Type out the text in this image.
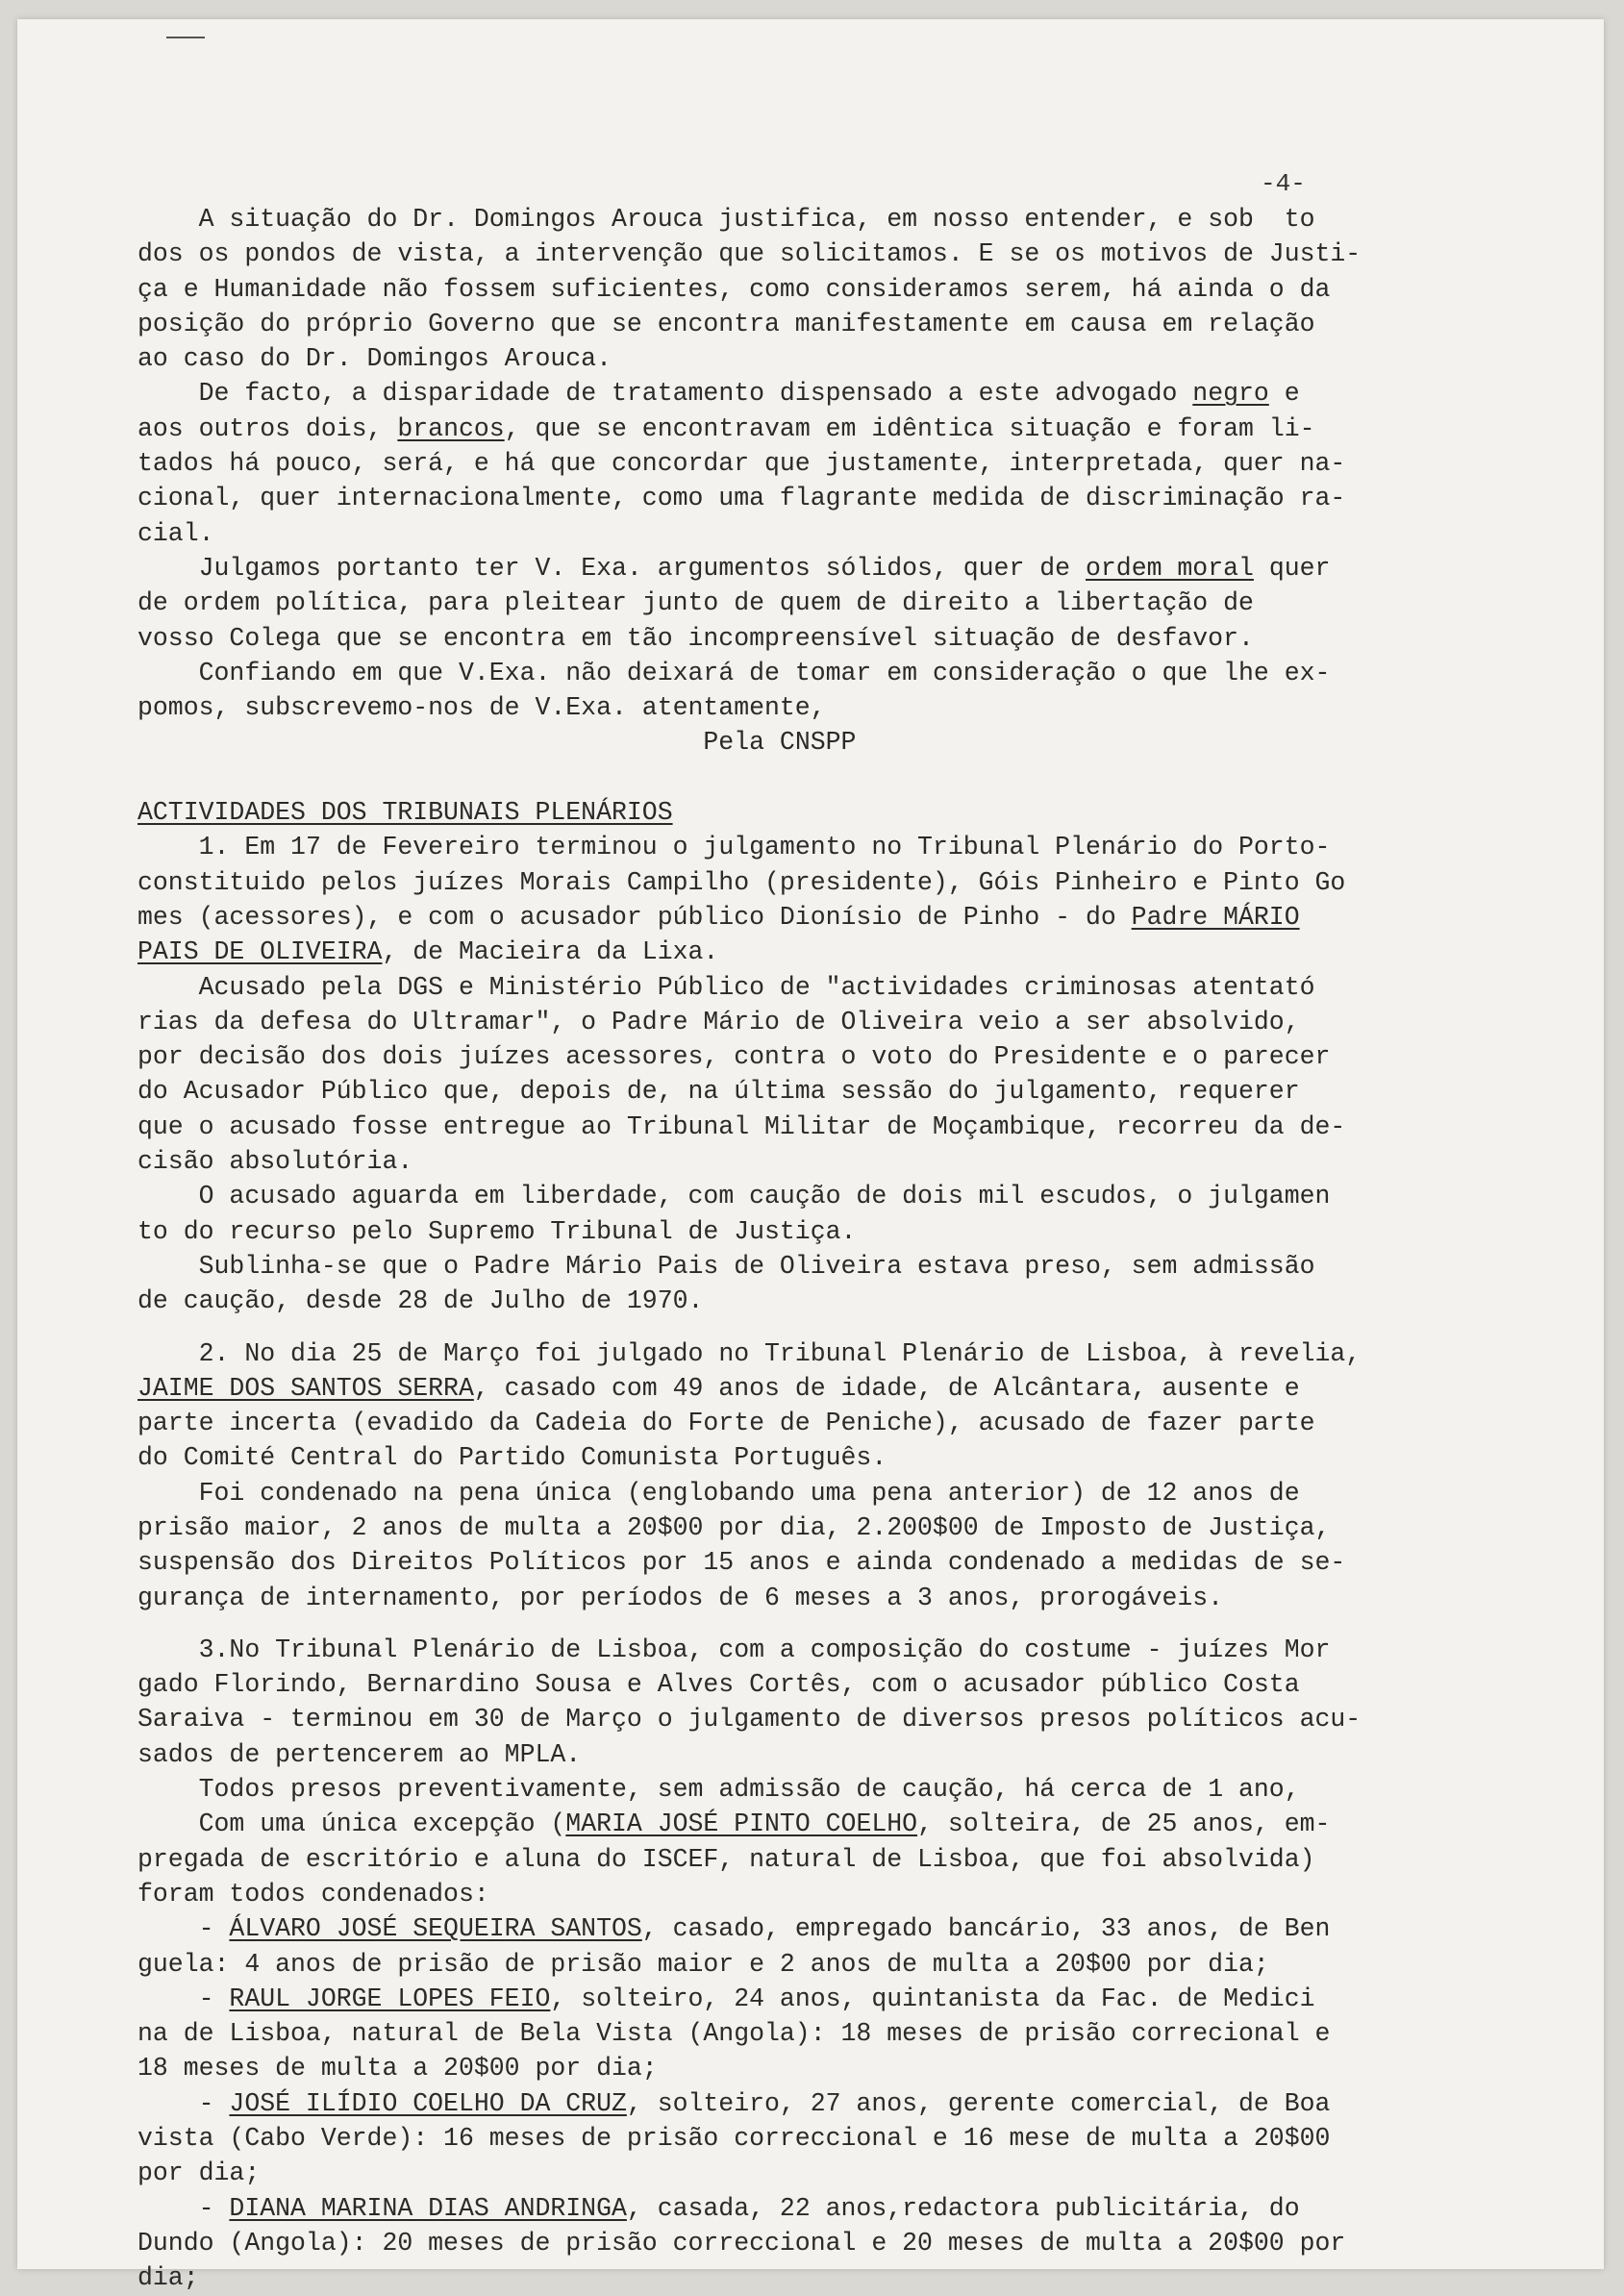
-4-

A situação do Dr. Domingos Arouca justifica, em nosso entender, e sob  to

dos os pondos de vista, a intervenção que solicitamos. E se os motivos de Justi-

ça e Humanidade não fossem suficientes, como consideramos serem, há ainda o da

posição do próprio Governo que se encontra manifestamente em causa em relação

ao caso do Dr. Domingos Arouca.

De facto, a disparidade de tratamento dispensado a este advogado negro e

aos outros dois, brancos, que se encontravam em idêntica situação e foram li-

tados há pouco, será, e há que concordar que justamente, interpretada, quer na-

cional, quer internacionalmente, como uma flagrante medida de discriminação ra-

cial.

Julgamos portanto ter V. Exa. argumentos sólidos, quer de ordem moral quer

de ordem política, para pleitear junto de quem de direito a libertação de

vosso Colega que se encontra em tão incompreensível situação de desfavor.

Confiando em que V.Exa. não deixará de tomar em consideração o que lhe ex-

pomos, subscrevemo-nos de V.Exa. atentamente,

Pela CNSPP

ACTIVIDADES DOS TRIBUNAIS PLENÁRIOS

1. Em 17 de Fevereiro terminou o julgamento no Tribunal Plenário do Porto-

constituido pelos juízes Morais Campilho (presidente), Góis Pinheiro e Pinto Go

mes (acessores), e com o acusador público Dionísio de Pinho - do Padre MÁRIO

PAIS DE OLIVEIRA, de Macieira da Lixa.

Acusado pela DGS e Ministério Público de "actividades criminosas atentató

rias da defesa do Ultramar", o Padre Mário de Oliveira veio a ser absolvido,

por decisão dos dois juízes acessores, contra o voto do Presidente e o parecer

do Acusador Público que, depois de, na última sessão do julgamento, requerer

que o acusado fosse entregue ao Tribunal Militar de Moçambique, recorreu da de-

cisão absolutória.

O acusado aguarda em liberdade, com caução de dois mil escudos, o julgamen

to do recurso pelo Supremo Tribunal de Justiça.

Sublinha-se que o Padre Mário Pais de Oliveira estava preso, sem admissão

de caução, desde 28 de Julho de 1970.

2. No dia 25 de Março foi julgado no Tribunal Plenário de Lisboa, à revelia,

JAIME DOS SANTOS SERRA, casado com 49 anos de idade, de Alcântara, ausente e

parte incerta (evadido da Cadeia do Forte de Peniche), acusado de fazer parte

do Comité Central do Partido Comunista Português.

Foi condenado na pena única (englobando uma pena anterior) de 12 anos de

prisão maior, 2 anos de multa a 20$00 por dia, 2.200$00 de Imposto de Justiça,

suspensão dos Direitos Políticos por 15 anos e ainda condenado a medidas de se-

gurança de internamento, por períodos de 6 meses a 3 anos, prorogáveis.

3.No Tribunal Plenário de Lisboa, com a composição do costume - juízes Mor

gado Florindo, Bernardino Sousa e Alves Cortês, com o acusador público Costa

Saraiva - terminou em 30 de Março o julgamento de diversos presos políticos acu-

sados de pertencerem ao MPLA.

Todos presos preventivamente, sem admissão de caução, há cerca de 1 ano,

Com uma única excepção (MARIA JOSÉ PINTO COELHO, solteira, de 25 anos, em-

pregada de escritório e aluna do ISCEF, natural de Lisboa, que foi absolvida)

foram todos condenados:

- ÁLVARO JOSÉ SEQUEIRA SANTOS, casado, empregado bancário, 33 anos, de Ben

guela: 4 anos de prisão de prisão maior e 2 anos de multa a 20$00 por dia;

- RAUL JORGE LOPES FEIO, solteiro, 24 anos, quintanista da Fac. de Medici

na de Lisboa, natural de Bela Vista (Angola): 18 meses de prisão correcional e

18 meses de multa a 20$00 por dia;

- JOSÉ ILÍDIO COELHO DA CRUZ, solteiro, 27 anos, gerente comercial, de Boa

vista (Cabo Verde): 16 meses de prisão correccional e 16 mese de multa a 20$00

por dia;

- DIANA MARINA DIAS ANDRINGA, casada, 22 anos,redactora publicitária, do

Dundo (Angola): 20 meses de prisão correccional e 20 meses de multa a 20$00 por

dia;
